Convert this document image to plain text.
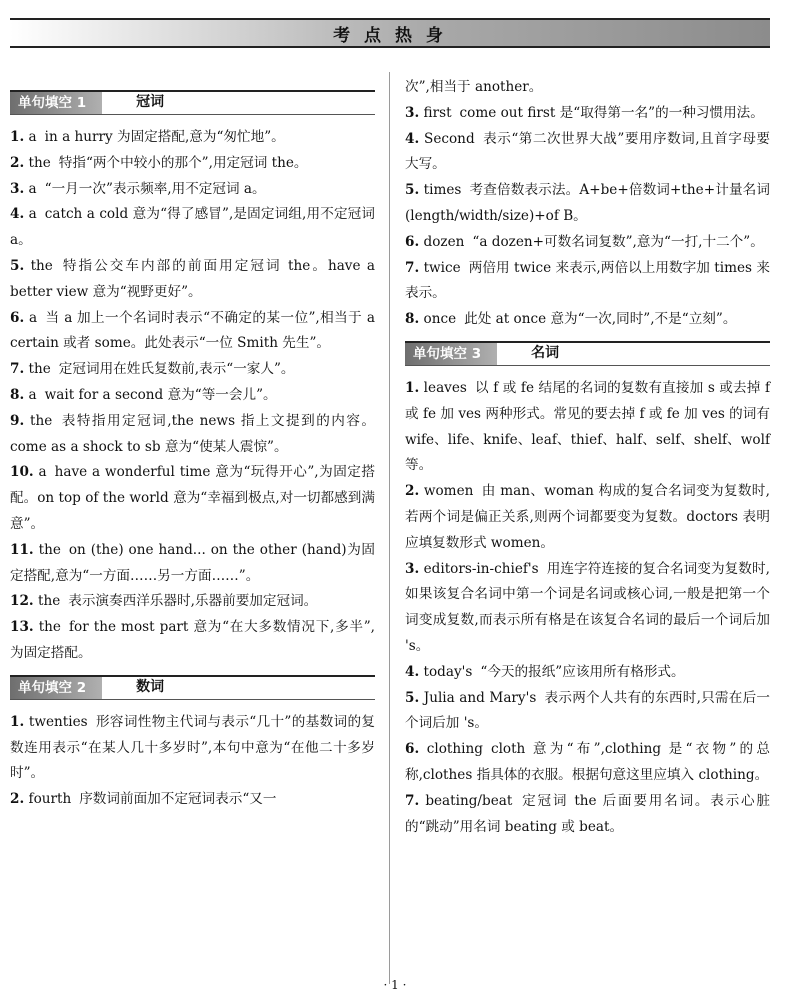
考 点 热 身
单句填空 1	冠词

1. a in a hurry 为固定搭配,意为“匆忙地”。

2. the 特指“两个中较小的那个”,用定冠词 the。

3. a “一月一次”表示频率,用不定冠词 a。

4. a catch a cold 意为“得了感冒”,是固定词组,用不定冠词 a。

5. the 特指公交车内部的前面用定冠词 the。have a better view 意为“视野更好”。

6. a 当 a 加上一个名词时表示“不确定的某一位”,相当于 a certain 或者 some。此处表示“一位 Smith 先生”。

7. the 定冠词用在姓氏复数前,表示“一家人”。

8. a wait for a second 意为“等一会儿”。

9. the 表特指用定冠词,the news 指上文提到的内容。come as a shock to sb 意为“使某人震惊”。

10. a have a wonderful time 意为“玩得开心”,为固定搭配。on top of the world 意为“幸福到极点,对一切都感到满意”。

11. the on (the) one hand... on the other (hand)为固定搭配,意为“一方面……另一方面……”。

12. the 表示演奏西洋乐器时,乐器前要加定冠词。

13. the for the most part 意为“在大多数情况下,多半”,为固定搭配。

单句填空 2	数词

1. twenties 形容词性物主代词与表示“几十”的基数词的复数连用表示“在某人几十多岁时”,本句中意为“在他二十多岁时”。

2. fourth 序数词前面加不定冠词表示“又一

次”,相当于 another。

3. first come out first 是“取得第一名”的一种习惯用法。

4. Second 表示“第二次世界大战”要用序数词,且首字母要大写。

5. times 考查倍数表示法。A+be+倍数词+the+计量名词(length/width/size)+of B。

6. dozen “a dozen+可数名词复数”,意为“一打,十二个”。

7. twice 两倍用 twice 来表示,两倍以上用数字加 times 来表示。

8. once 此处 at once 意为“一次,同时”,不是“立刻”。

单句填空 3	名词

1. leaves 以 f 或 fe 结尾的名词的复数有直接加 s 或去掉 f 或 fe 加 ves 两种形式。常见的要去掉 f 或 fe 加 ves 的词有 wife、life、knife、leaf、thief、half、self、shelf、wolf 等。

2. women 由 man、woman 构成的复合名词变为复数时,若两个词是偏正关系,则两个词都要变为复数。doctors 表明应填复数形式 women。

3. editors-in-chief's 用连字符连接的复合名词变为复数时,如果该复合名词中第一个词是名词或核心词,一般是把第一个词变成复数,而表示所有格是在该复合名词的最后一个词后加 's。

4. today's “今天的报纸”应该用所有格形式。

5. Julia and Mary's 表示两个人共有的东西时,只需在后一个词后加 's。

6. clothing cloth 意为“布”,clothing 是“衣物”的总称,clothes 指具体的衣服。根据句意这里应填入 clothing。

7. beating/beat 定冠词 the 后面要用名词。表示心脏的“跳动”用名词 beating 或 beat。

· 1 ·
